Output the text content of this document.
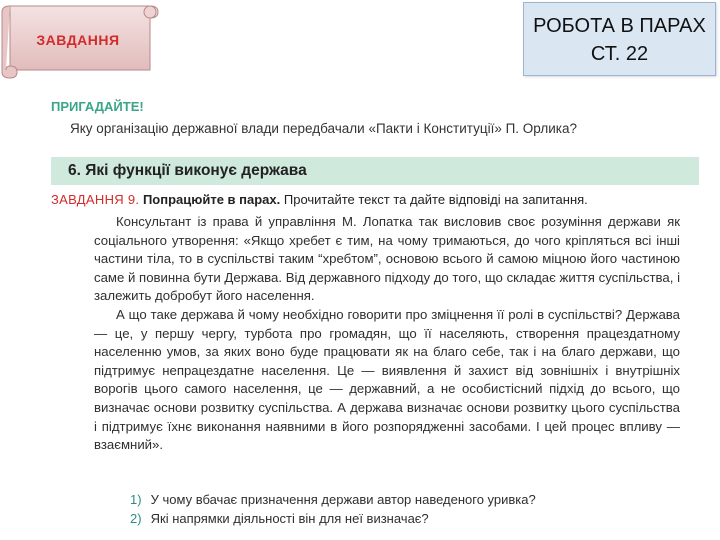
ЗАВДАННЯ
РОБОТА В ПАРАХ
СТ. 22
ПРИГАДАЙТЕ!
Яку організацію державної влади передбачали «Пакти і Конституції» П. Орлика?
6. Які функції виконує держава
ЗАВДАННЯ 9. Попрацюйте в парах. Прочитайте текст та дайте відповіді на запитання.

Консультант із права й управління М. Лопатка так висловив своє розуміння держави як соціального утворення: «Якщо хребет є тим, на чому тримаються, до чого кріпляться всі інші частини тіла, то в суспільстві таким “хребтом”, основою всього й самою міцною його частиною саме й повинна бути Держава. Від державного підходу до того, що складає життя суспільства, і залежить добробут його населення.

А що таке держава й чому необхідно говорити про зміцнення її ролі в суспільстві? Держава — це, у першу чергу, турбота про громадян, що її населяють, створення працездатному населенню умов, за яких воно буде працювати як на благо себе, так і на благо держави, що підтримує непрацездатне населення. Це — виявлення й захист від зовнішніх і внутрішніх ворогів цього самого населення, це — державний, а не особистісний підхід до всього, що визначає основи розвитку суспільства. А держава визначає основи розвитку цього суспільства і підтримує їхнє виконання наявними в його розпорядженні засобами. І цей процес впливу — взаємний».

1) У чому вбачає призначення держави автор наведеного уривка?
2) Які напрямки діяльності він для неї визначає?
